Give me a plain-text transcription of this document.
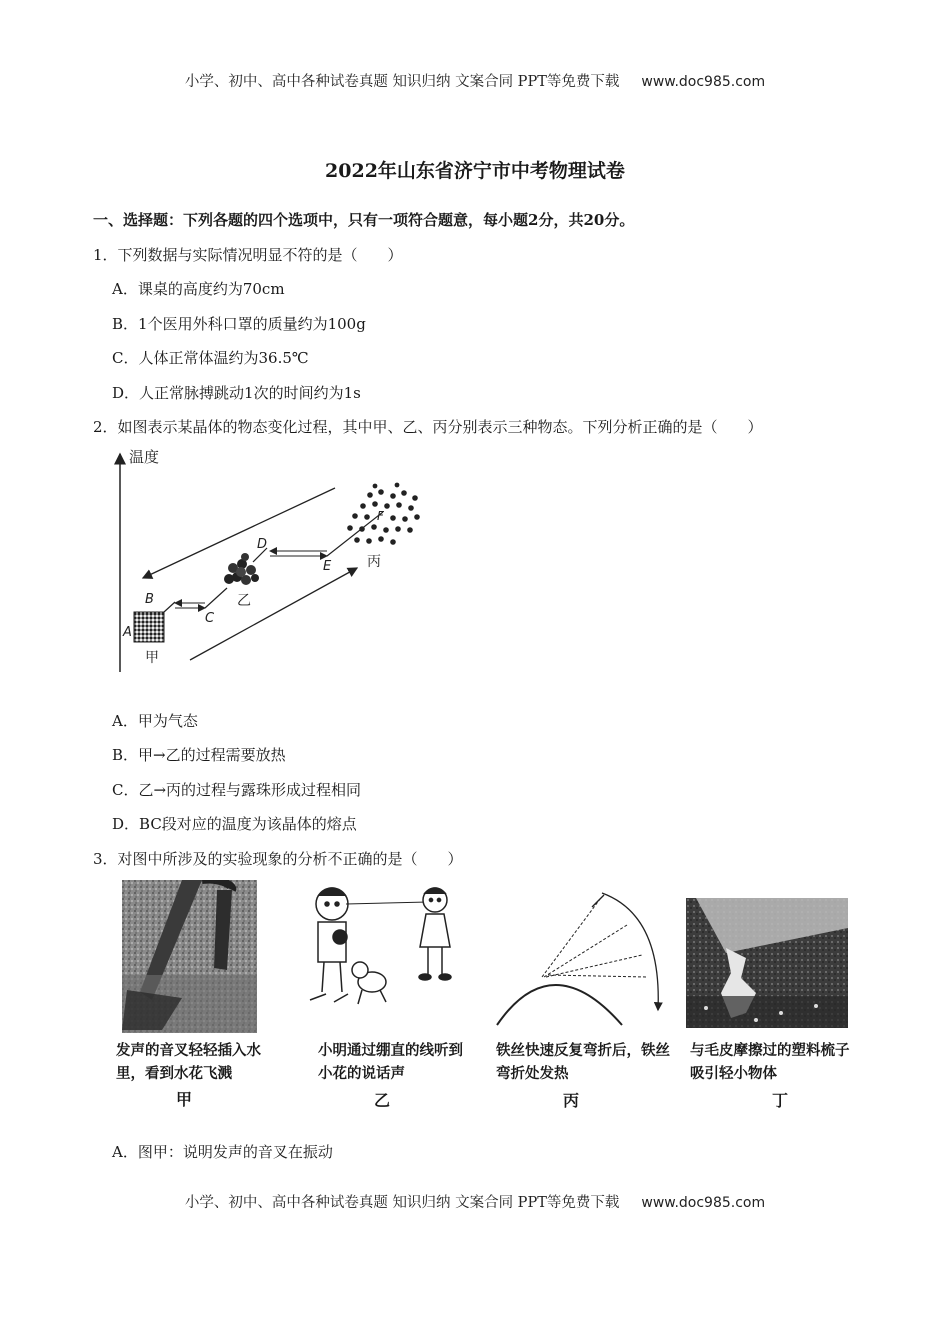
小学、初中、高中各种试卷真题 知识归纳 文案合同 PPT等免费下载 www.doc985.com
2022年山东省济宁市中考物理试卷
一、选择题：下列各题的四个选项中，只有一项符合题意，每小题2分，共20分。
1．下列数据与实际情况明显不符的是（　　）
A．课桌的高度约为70cm
B．1个医用外科口罩的质量约为100g
C．人体正常体温约为36.5℃
D．人正常脉搏跳动1次的时间约为1s
2．如图表示某晶体的物态变化过程，其中甲、乙、丙分别表示三种物态。下列分析正确的是（　　）
温度
A
甲
B
C
乙
D
E
F
丙
A．甲为气态
B．甲→乙的过程需要放热
C．乙→丙的过程与露珠形成过程相同
D．BC段对应的温度为该晶体的熔点
3．对图中所涉及的实验现象的分析不正确的是（　　）
发声的音叉轻轻插入水里，看到水花飞溅
小明通过绷直的线听到小花的说话声
铁丝快速反复弯折后，铁丝弯折处发热
与毛皮摩擦过的塑料梳子吸引轻小物体
甲	乙	丙	丁
A．图甲：说明发声的音叉在振动
小学、初中、高中各种试卷真题 知识归纳 文案合同 PPT等免费下载 www.doc985.com
